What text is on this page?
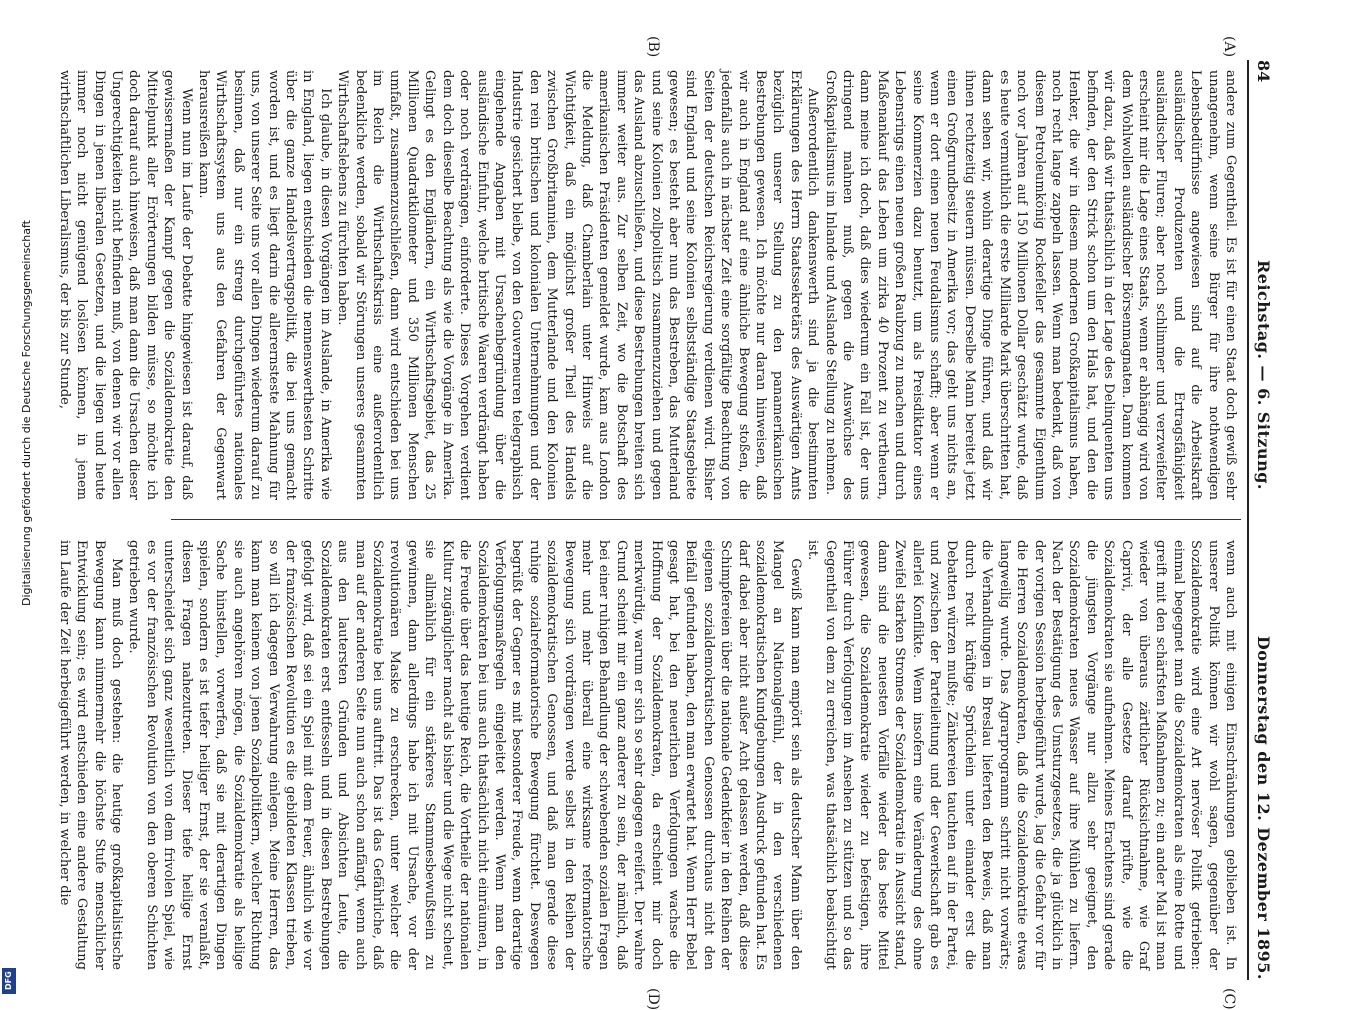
84
Reichstag. — 6. Sitzung.
Donnerstag den 12. Dezember 1895.
(A)
(B)
(C)
(D)

andere zum Gegentheil. Es ist für einen Staat doch gewiß sehr unangenehm, wenn seine Bürger für ihre nothwendigen Lebensbedürfnisse angewiesen sind auf die Arbeitskraft ausländischer Produzenten und die Ertragsfähigkeit ausländischer Fluren; aber noch schlimmer und verzweifelter erscheint mir die Lage eines Staats, wenn er abhängig wird von dem Wohlwollen ausländischer Börsenmagnaten. Dann kommen wir dazu, daß wir thatsächlich in der Lage des Delinquenten uns befinden, der den Strick schon um den Hals hat, und den die Henker, die wir in diesem modernen Großkapitalismus haben, noch recht lange zappeln lassen. Wenn man bedenkt, daß von diesem Petroleumkönig Rockefeller das gesammte Eigenthum noch vor Jahren auf 150 Millionen Dollar geschätzt wurde, daß es heute vermuthlich die erste Milliarde Mark überschritten hat, dann sehen wir, wohin derartige Dinge führen, und daß wir ihnen rechtzeitig steuern müssen. Derselbe Mann bereitet jetzt einen Großgrundbesitz in Amerika vor; das geht uns nichts an, wenn er dort einen neuen Feudalismus schafft; aber wenn er seine Kommerzien dazu benutzt, um als Preisdiktator eines Lebensrings einen neuen großen Raubzug zu machen und durch Maßenankauf das Leben um zirka 40 Prozent zu vertheuern, dann meine ich doch, daß dies wiederum ein Fall ist, der uns dringend mahnen muß, gegen die Auswüchse des Großkapitalismus im Inlande und Auslande Stellung zu nehmen.

Außerordentlich dankenswerth sind ja die bestimmten Erklärungen des Herrn Staatssekretärs des Auswärtigen Amts bezüglich unserer Stellung zu den panamerikanischen Bestrebungen gewesen. Ich möchte nur daran hinweisen, daß wir auch in England auf eine ähnliche Bewegung stoßen, die jedenfalls auch in nächster Zeit eine sorgfältige Beachtung von Seiten der deutschen Reichsregierung verdienen wird. Bisher sind England und seine Kolonien selbstständige Staatsgebiete gewesen; es besteht aber nun das Bestreben, das Mutterland und seine Kolonien zollpolitisch zusammenzuziehen und gegen das Ausland abzuschließen, und diese Bestrebungen breiten sich immer weiter aus. Zur selben Zeit, wo die Botschaft des amerikanischen Präsidenten gemeldet wurde, kam aus London die Meldung, daß Chamberlain unter Hinweis auf die Wichtigkeit, daß ein möglichst großer Theil des Handels zwischen Großbritannien, dem Mutterlande und den Kolonien den rein britischen und kolonialen Unternehmungen und der Industrie gesichert bleibe, von den Gouverneuren telegraphisch eingehende Angaben mit Ursachenbegründung über die ausländische Einfuhr, welche britische Waaren verdrängt haben oder noch verdrängen, einforderte. Dieses Vorgehen verdient dem doch dieselbe Beachtung als wie die Vorgänge in Amerika. Gelingt es den Engländern, ein Wirthschaftsgebiet, das 25 Millionen Quadratkilometer und 350 Millionen Menschen umfaßt, zusammenzuschließen, dann wird entschieden bei uns im Reich die Wirthschaftskrisis eine außerordentlich bedenkliche werden, sobald wir Störungen unseres gesammten Wirthschaftslebens zu fürchten haben.

Ich glaube, in diesen Vorgängen im Auslande, in Amerika wie in England, liegen entschieden die nennenswerthesten Schritte über die ganze Handelsvertragspolitik, die bei uns gemacht worden ist, und es liegt darin die allerernsteste Mahnung für uns, von unserer Seite uns vor allen Dingen wiederum darauf zu besinnen, daß nur ein streng durchgeführtes nationales Wirthschaftssystem uns aus den Gefahren der Gegenwart herausreißen kann.

Wenn nun im Laufe der Debatte hingewiesen ist darauf, daß gewissermaßen der Kampf gegen die Sozialdemokratie den Mittelpunkt aller Erörterungen bilden müsse, so möchte ich doch darauf auch hinweisen, daß man dann die Ursachen dieser Ungerechtigkeiten nicht befinden muß, von denen wir vor allen Dingen in jenen liberalen Gesetzen, und die liegen und heute immer noch nicht genügend loslösen können, in jenem wirthschaftlichen Liberalismus, der bis zur Stunde,

wenn auch mit einigen Einschränkungen geblieben ist. In unserer Politik können wir wohl sagen, gegenüber der Sozialdemokratie wird eine Art nervöser Politik getrieben: einmal begegnet man die Sozialdemokraten als eine Rotte und greift mit den schärfsten Maßnahmen zu; ein ander Mal ist man wieder von überaus zärtlicher Rücksichtnahme, wie Graf Caprivi, der alle Gesetze darauf prüfte, wie die Sozialdemokraten sie aufnehmen. Meines Erachtens sind gerade die jüngsten Vorgänge nur allzu sehr geeignet, den Sozialdemokraten neues Wasser auf ihre Mühlen zu liefern. Nach der Bestätigung des Umsturzgesetzes, die ja glücklich in der vorigen Session herbeigeführt wurde, lag die Gefahr vor für die Herren Sozialdemokraten, daß die Sozialdemokratie etwas langweilig wurde. Das Agrarprogramm schritt nicht vorwärts; die Verhandlungen in Breslau lieferten den Beweis, daß man durch recht kräftige Sprüchlein unter einander erst die Debatten würzen mußte; Zänkereien tauchten auf in der Partei, und zwischen der Parteileitung und der Gewerkschaft gab es allerlei Konflikte. Wenn insofern eine Veränderung des ohne Zweifel starken Stromes der Sozialdemokratie in Aussicht stand, dann sind die neuesten Vorfälle wieder das beste Mittel gewesen, die Sozialdemokratie wieder zu befestigen, ihre Führer durch Verfolgungen im Ansehen zu stützen und so das Gegentheil von dem zu erreichen, was thatsächlich beabsichtigt ist.

Gewiß kann man empört sein als deutscher Mann über den Mangel an Nationalgefühl, der in den verschiedenen sozialdemokratischen Kundgebungen Ausdruck gefunden hat. Es darf dabei aber nicht außer Acht gelassen werden, daß diese Schimpfereien über die nationale Gedenkfeier in den Reihen der eigenen sozialdemokratischen Genossen durchaus nicht den Beifall gefunden haben, den man erwartet hat. Wenn Herr Bebel gesagt hat, bei den neuerlichen Verfolgungen wachse die Hoffnung der Sozialdemokraten, da erscheint mir doch merkwürdig, warum er sich so sehr dagegen ereifert. Der wahre Grund scheint mir ein ganz anderer zu sein, der nämlich, daß bei einer ruhigen Behandlung der schwebenden sozialen Fragen mehr und mehr überall eine wirksame reformatorische Bewegung sich vordrängen werde selbst in den Reihen der sozialdemokratischen Genossen, und daß man gerade diese ruhige sozialreformatorische Bewegung fürchtet. Deswegen begrüßt der Gegner es mit besonderer Freude, wenn derartige Verfolgungsmaßregeln eingeleitet werden. Wenn man den Sozialdemokraten bei uns auch thatsächlich nicht einräumen, in die Freude über das heutige Reich, die Vortheile der nationalen Kultur zugänglicher macht als bisher und die Wege nicht scheut, sie allmählich für ein stärkeres Stammesbewußtsein zu gewinnen, dann allerdings habe ich mit Ursache, vor der revolutionären Maske zu erschrecken, unter welcher die Sozialdemokratie bei uns auftritt. Das ist das Gefährliche, daß man auf der anderen Seite nun auch schon anfängt, wenn auch aus den lautersten Gründen und Absichten Leute, die Sozialdemokraten erst entfesseln und in diesen Bestrebungen gefolgt wird, daß sei ein Spiel mit dem Feuer, ähnlich wie vor der französischen Revolution es die gebildeten Klassen trieben, so will ich dagegen Verwahrung einlegen. Meine Herren, das kann man keinem von jenen Sozialpolitikern, welcher Richtung sie auch angehören mögen, die Sozialdemokratie als heilige Sache hinstellen, vorwerfen, daß sie mit derartigen Dingen spielen, sondern es ist tiefer heiliger Ernst, der sie veranlaßt, diesen Fragen nahezutreten. Dieser tiefe heilige Ernst unterscheidet sich ganz wesentlich von dem frivolen Spiel, wie es vor der französischen Revolution von den oberen Schichten getrieben wurde.

Man muß doch gestehen: die heutige großkapitalistische Bewegung kann nimmermehr die höchste Stufe menschlicher Entwicklung sein; es wird entschieden eine andere Gestaltung im Laufe der Zeit herbeigeführt werden, in welcher die

Digitalisierung gefördert durch die Deutsche Forschungsgemeinschaft
DFG
